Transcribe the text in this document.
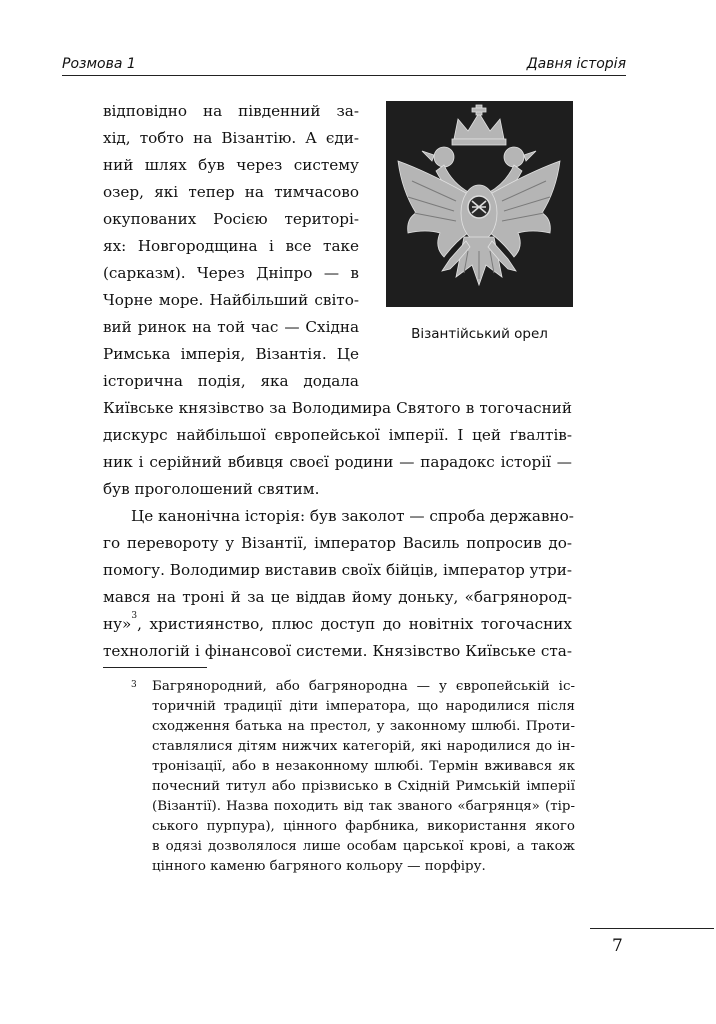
Розмова 1	Давня історія
Візантійський орел
відповідно на південний за-
хід, тобто на Візантію. А єди-
ний шлях був через систему
озер, які тепер на тимчасово
окупованих Росією територі-
ях: Новгородщина і все таке
(сарказм). Через Дніпро — в
Чорне море. Найбільший світо-
вий ринок на той час — Східна
Римська імперія, Візантія. Це
історична подія, яка додала
Київське князівство за Володимира Святого в тогочасний
дискурс найбільшої європейської імперії. І цей ґвалтів-
ник і серійний вбивця своєї родини — парадокс історії —
був проголошений святим.
Це канонічна історія: був заколот — спроба державно-
го перевороту у Візантії, імператор Василь попросив до-
помогу. Володимир виставив своїх бійців, імператор утри-
мався на троні й за це віддав йому доньку, «багрянород-
ну»$^3$ , християнство, плюс доступ до новітніх тогочасних
технологій і фінансової системи. Князівство Київське ста-
3 Багрянородний, або багрянородна — у європейській іс-
торичній традиції діти імператора, що народилися після
сходження батька на престол, у законному шлюбі. Проти-
ставлялися дітям нижчих категорій, які народилися до ін-
тронізації, або в незаконному шлюбі. Термін вживався як
почесний титул або прізвисько в Східній Римській імперії
(Візантії). Назва походить від так званого «багрянця» (тір-
ського пурпура), цінного фарбника, використання якого
в одязі дозволялося лише особам царської крові, а також
цінного каменю багряного кольору — порфіру.
7
